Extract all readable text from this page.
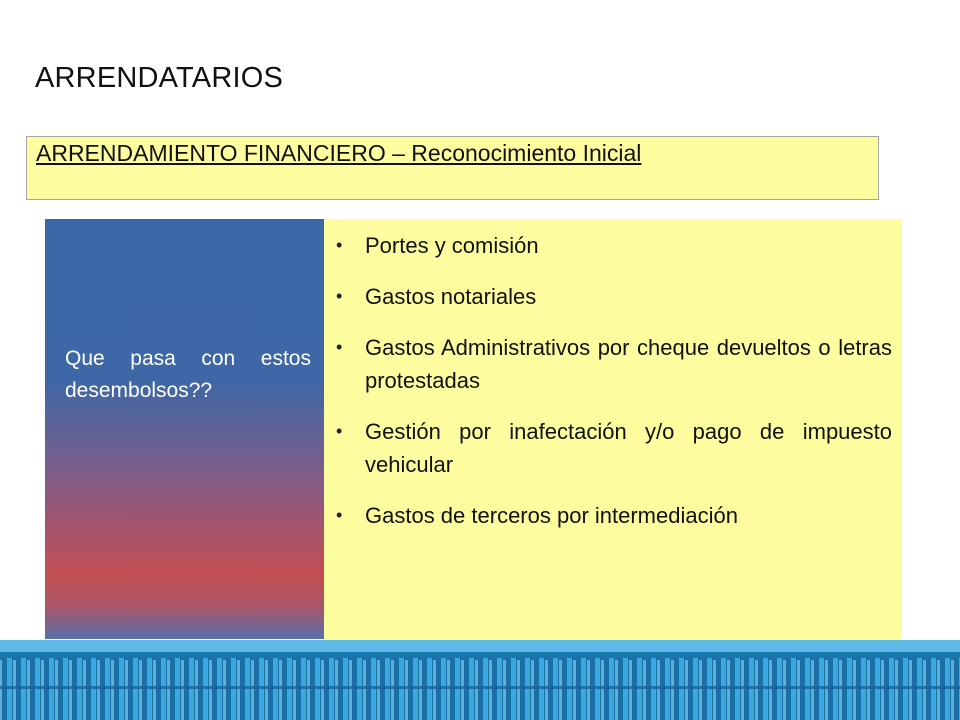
ARRENDATARIOS
ARRENDAMIENTO FINANCIERO – Reconocimiento Inicial
Que pasa con estos desembolsos??
• Portes y comisión
• Gastos notariales
• Gastos Administrativos por cheque devueltos o letras protestadas
• Gestión por inafectación y/o pago de impuesto vehicular
• Gastos de terceros por intermediación
